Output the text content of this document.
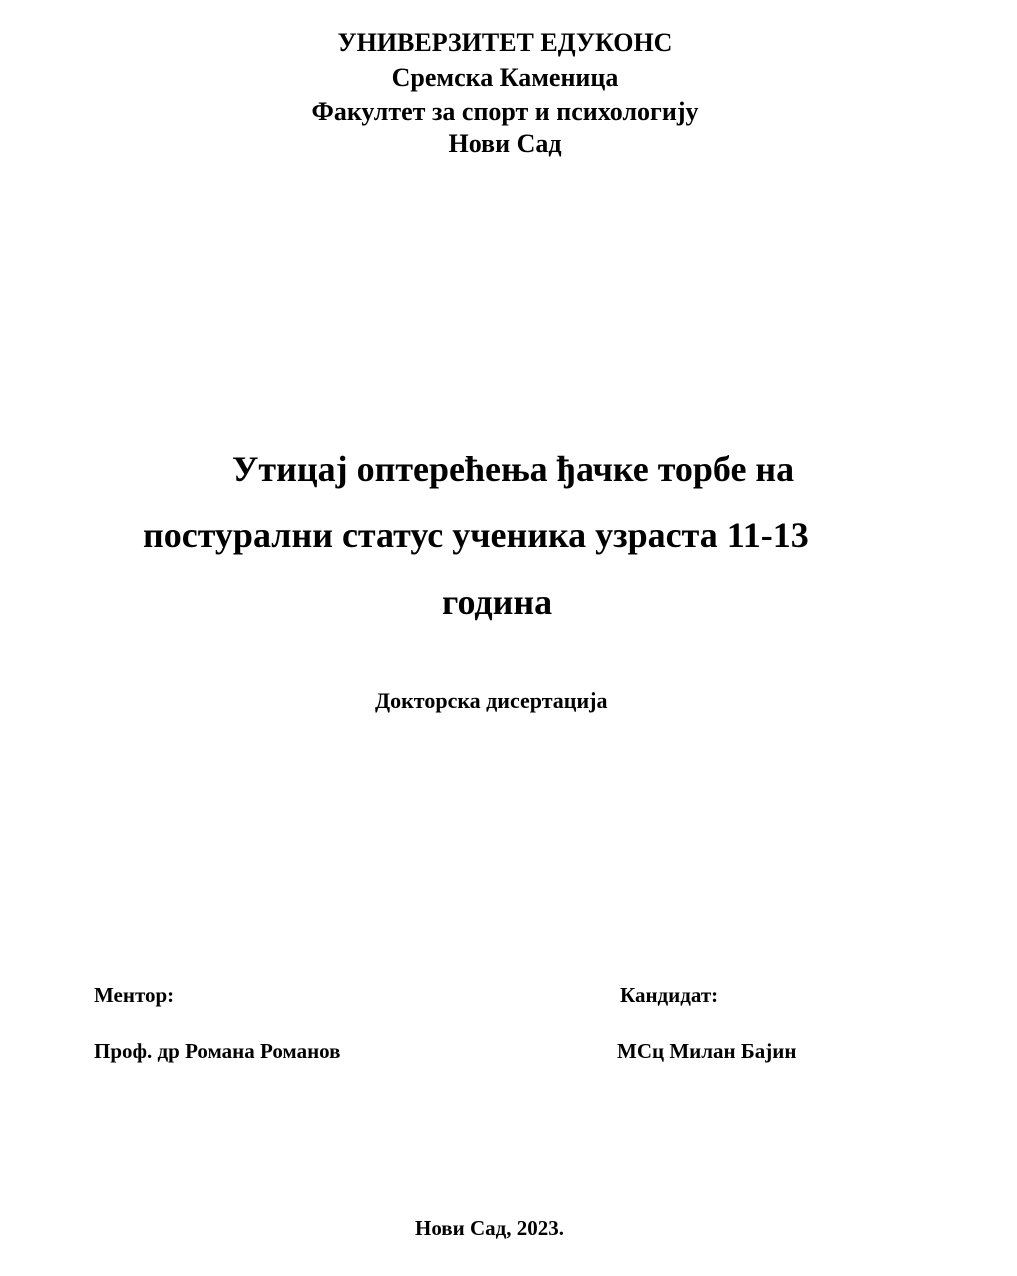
УНИВЕРЗИТЕТ ЕДУКОНС
Сремска Каменица
Факултет за спорт и психологију
Нови Сад
Утицај оптерећења ђачке торбе на
постурални статус ученика узраста 11-13
година
Докторска дисертација
Ментор:	Кандидат:
Проф. др Романа Романов	МСц Милан Бајин
Нови Сад, 2023.
